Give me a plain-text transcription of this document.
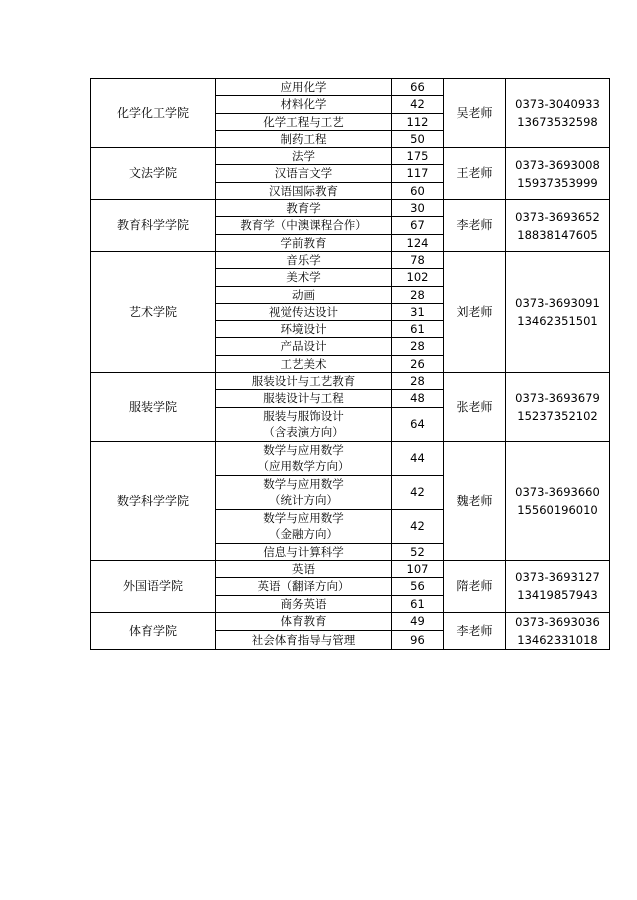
化学化工学院	应用化学	66	吴老师	0373-3040933
13673532598

	材料化学	42		

	化学工程与工艺	112		

	制药工程	50		
文法学院	法学	175	王老师	0373-3693008
15937353999

	汉语言文学	117		

	汉语国际教育	60		
教育科学学院	教育学	30	李老师	0373-3693652
18838147605

	教育学（中澳课程合作）	67		

	学前教育	124		
艺术学院	音乐学	78	刘老师	0373-3693091
13462351501

	美术学	102		

	动画	28		

	视觉传达设计	31		

	环境设计	61		

	产品设计	28		

	工艺美术	26		
服装学院	服装设计与工艺教育	28	张老师	0373-3693679
15237352102

	服装设计与工程	48		

	服装与服饰设计
（含表演方向）	64		
数学科学学院	数学与应用数学
（应用数学方向）	44	魏老师	0373-3693660
15560196010

	数学与应用数学
（统计方向）	42		

	数学与应用数学
（金融方向）	42		

	信息与计算科学	52		
外国语学院	英语	107	隋老师	0373-3693127
13419857943

	英语（翻译方向）	56		

	商务英语	61		
体育学院	体育教育	49	李老师	0373-3693036
13462331018

	社会体育指导与管理	96		
